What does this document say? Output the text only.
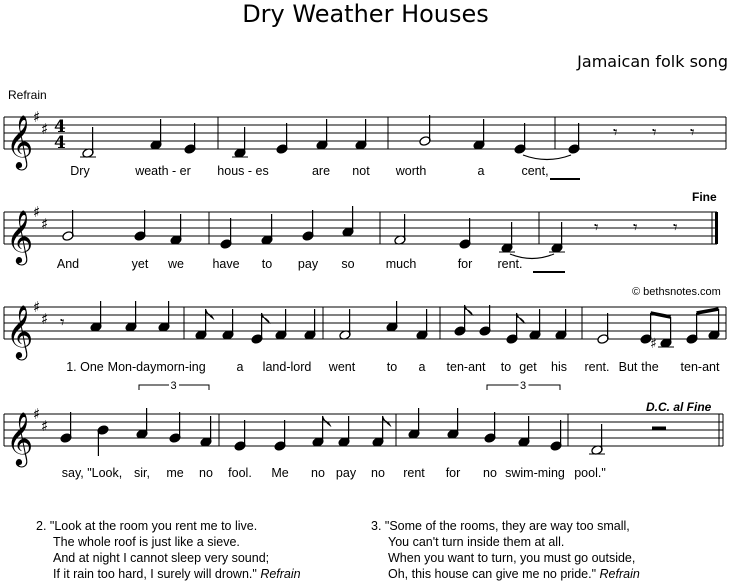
Dry Weather Houses
Jamaican folk song
Refrain
Fine
© bethsnotes.com
D.C. al Fine
𝄞 ♯
♯ 4
4
𝄞 ♯
♯
𝄞 ♯
♯
𝄞 ♯
♯
𝄾 𝄾 𝄾
𝄾 𝄾 𝄾
𝄾
♯
3	3
Dry	weath - er hous - es	are not worth	a	cent,
And	yet we have to pay so much	for rent.
1. One Mon-day morn-ing a land-lord went	to a ten-ant to get his rent. But the ten-ant
say, "Look, sir, me no fool. Me no pay no rent for no swim-ming pool."
2. "Look at the room you rent me to live.
The whole roof is just like a sieve.
And at night I cannot sleep very sound;
If it rain too hard, I surely will drown." Refrain
3. "Some of the rooms, they are way too small,
You can't turn inside them at all.
When you want to turn, you must go outside,
Oh, this house can give me no pride." Refrain
